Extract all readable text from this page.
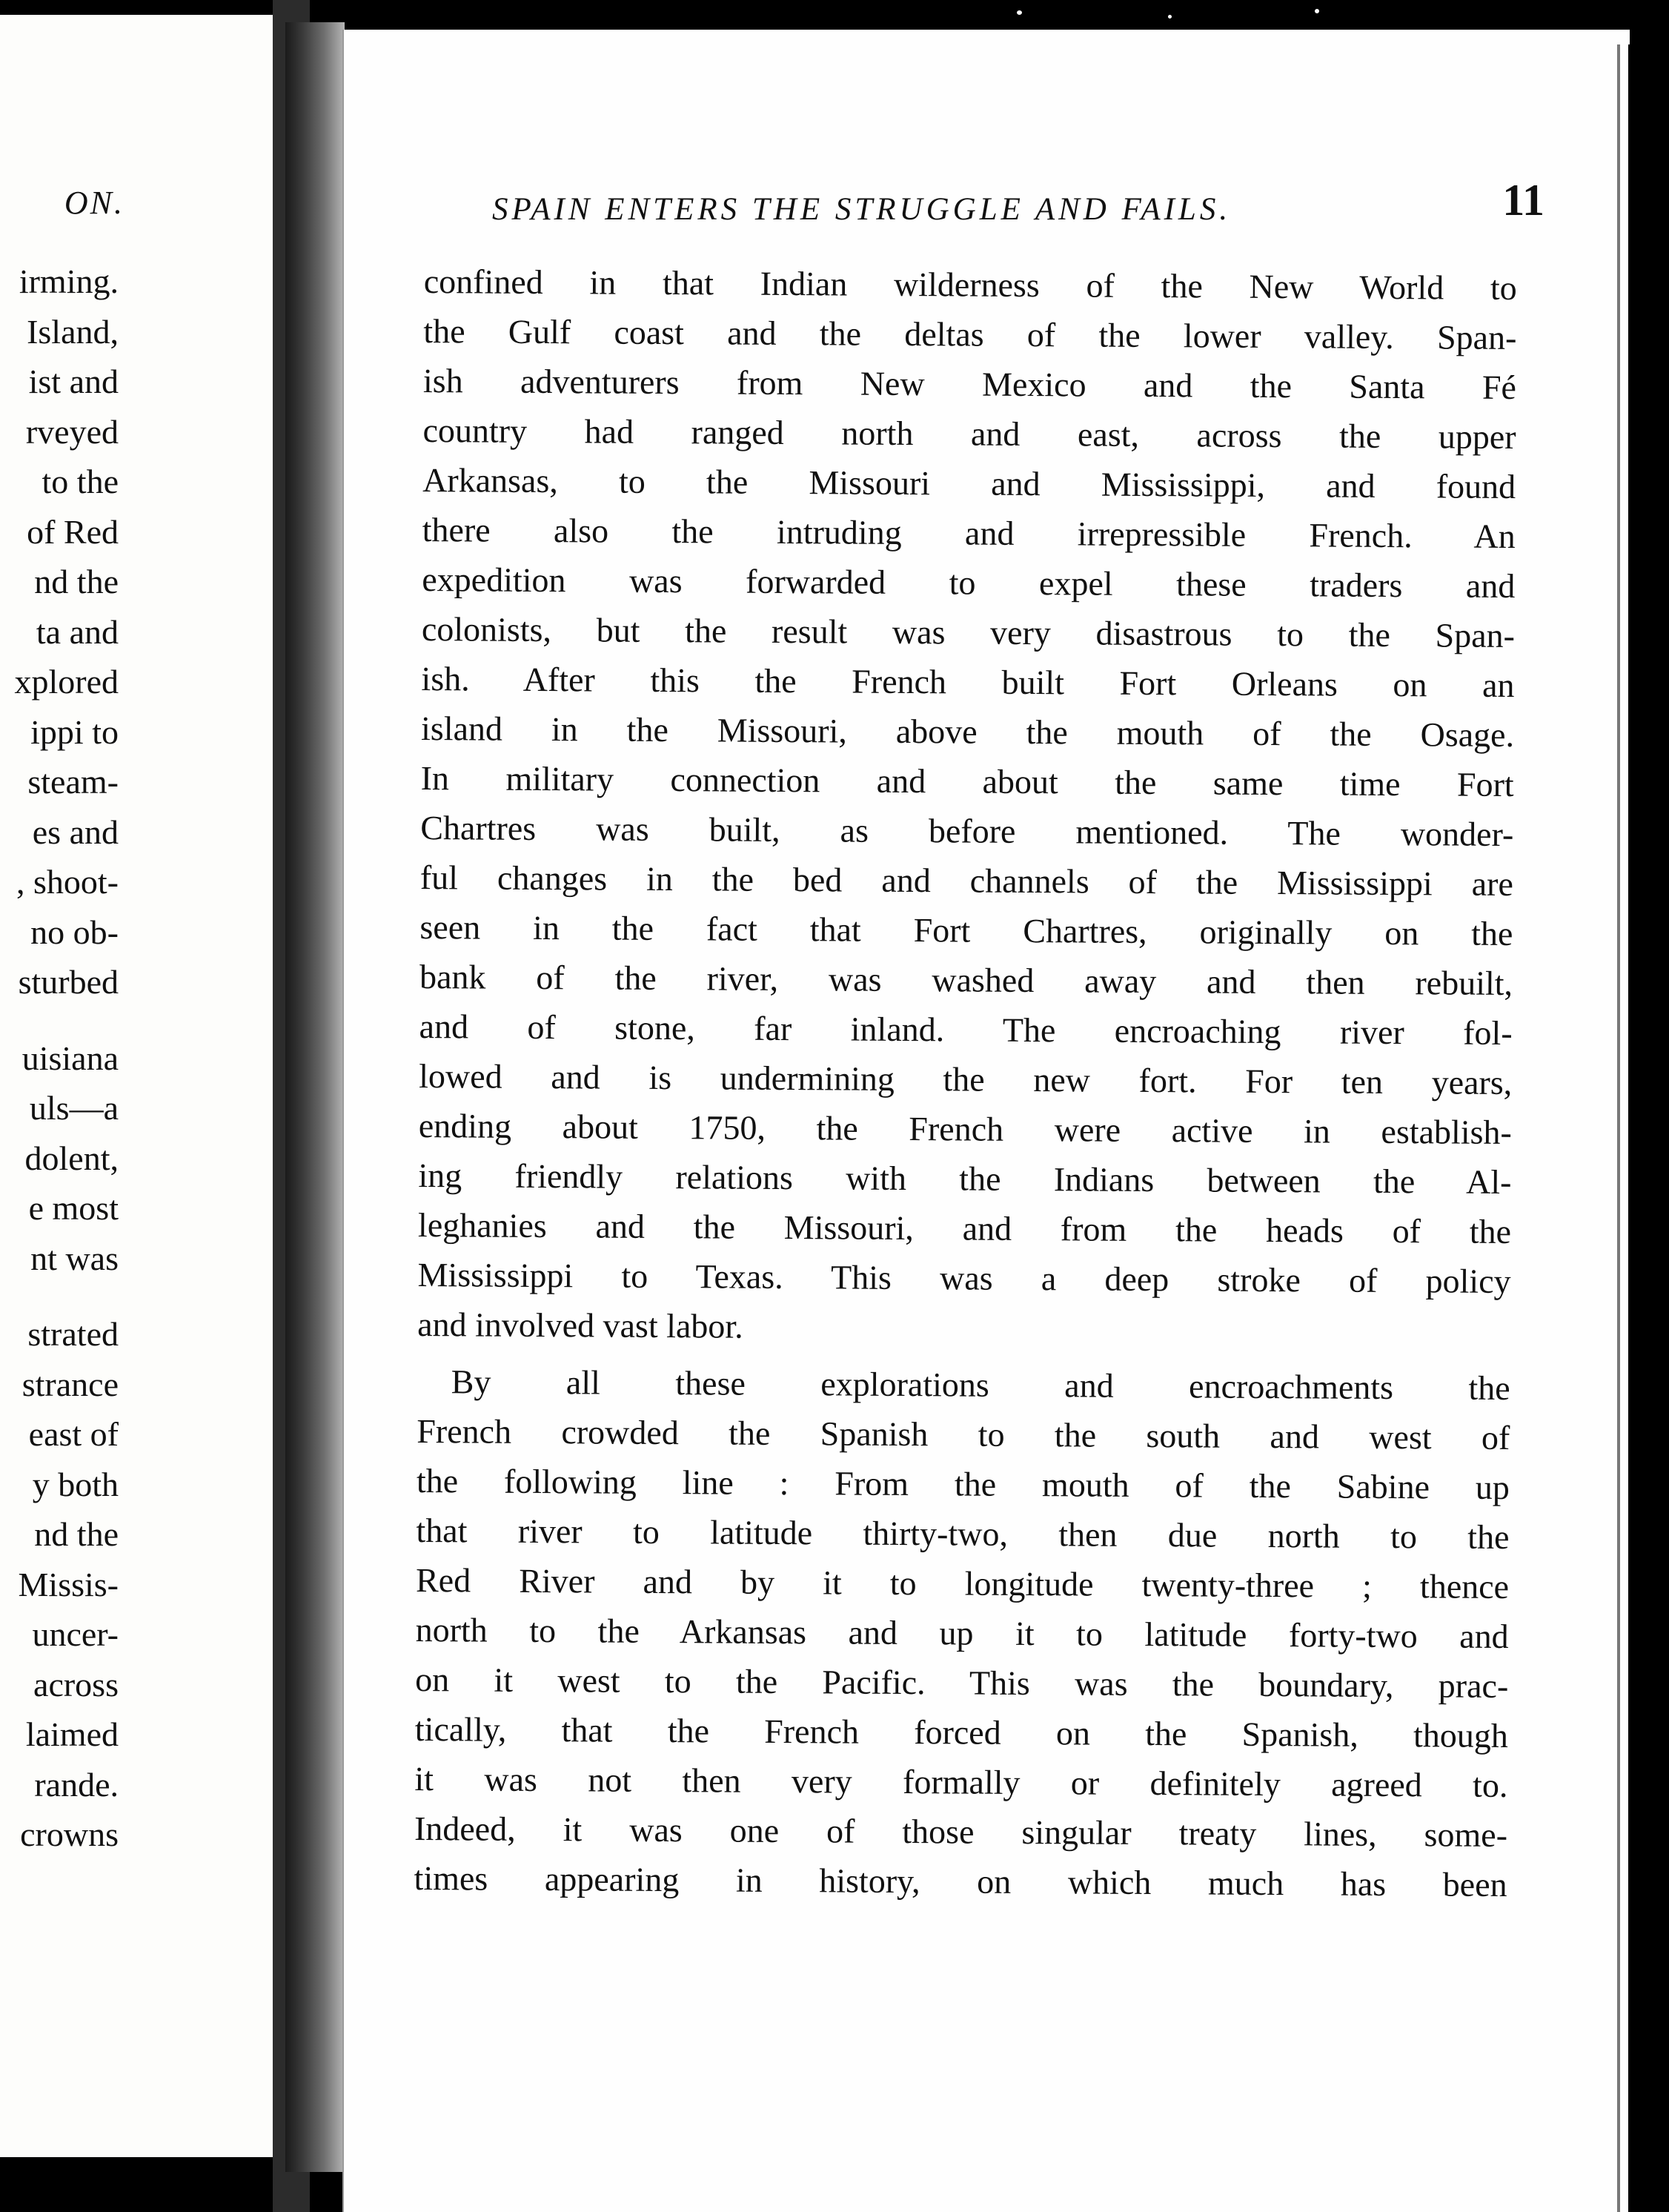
ON.
irming.
Island,
ist and
rveyed
to the
of Red
nd the
ta and
xplored
ippi to
steam-
es and
, shoot-
no ob-
sturbed
uisiana
uls—a
dolent,
e most
nt was
strated
strance
east of
y both
nd the
Missis-
uncer-
across
laimed
rande.
crowns
SPAIN ENTERS THE STRUGGLE AND FAILS.	11
confined in that Indian wilderness of the New World to
the Gulf coast and the deltas of the lower valley. Span-
ish adventurers from New Mexico and the Santa Fé
country had ranged north and east, across the upper
Arkansas, to the Missouri and Mississippi, and found
there also the intruding and irrepressible French. An
expedition was forwarded to expel these traders and
colonists, but the result was very disastrous to the Span-
ish. After this the French built Fort Orleans on an
island in the Missouri, above the mouth of the Osage.
In military connection and about the same time Fort
Chartres was built, as before mentioned. The wonder-
ful changes in the bed and channels of the Mississippi are
seen in the fact that Fort Chartres, originally on the
bank of the river, was washed away and then rebuilt,
and of stone, far inland. The encroaching river fol-
lowed and is undermining the new fort. For ten years,
ending about 1750, the French were active in establish-
ing friendly relations with the Indians between the Al-
leghanies and the Missouri, and from the heads of the
Mississippi to Texas. This was a deep stroke of policy
and involved vast labor.
By all these explorations and encroachments the
French crowded the Spanish to the south and west of
the following line : From the mouth of the Sabine up
that river to latitude thirty-two, then due north to the
Red River and by it to longitude twenty-three ; thence
north to the Arkansas and up it to latitude forty-two and
on it west to the Pacific. This was the boundary, prac-
tically, that the French forced on the Spanish, though
it was not then very formally or definitely agreed to.
Indeed, it was one of those singular treaty lines, some-
times appearing in history, on which much has been
